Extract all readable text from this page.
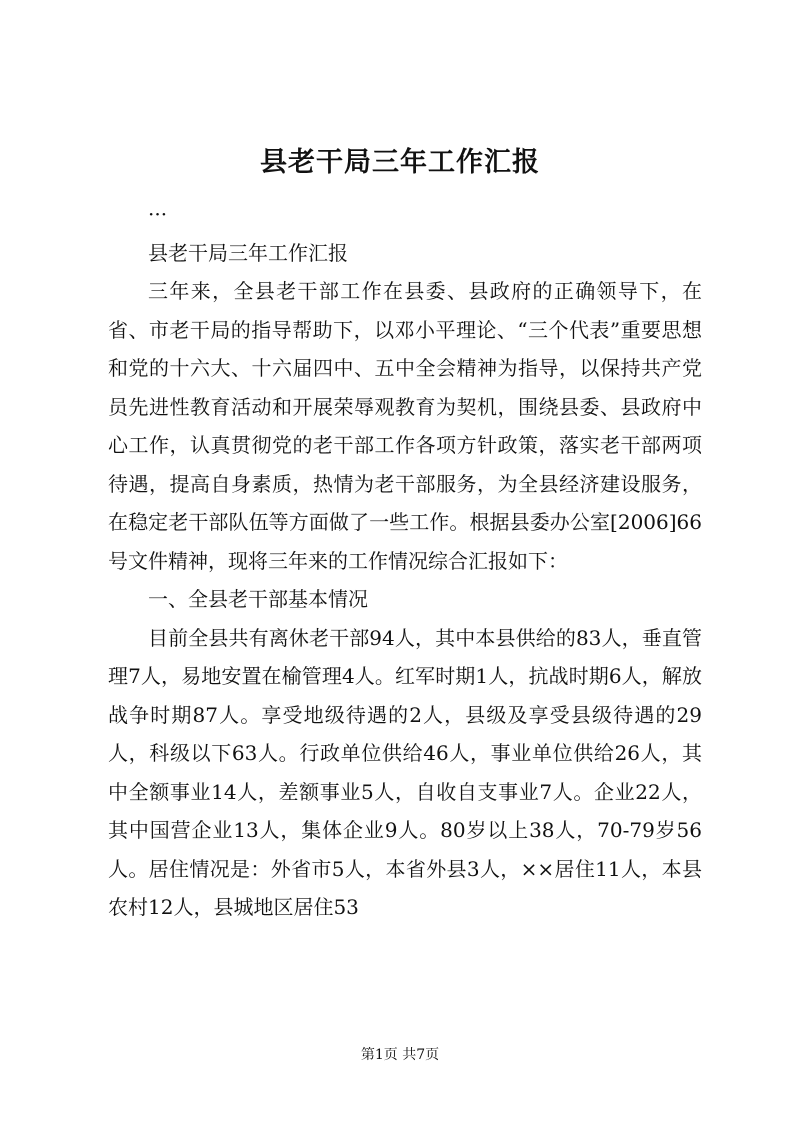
县老干局三年工作汇报

···

县老干局三年工作汇报

三年来，全县老干部工作在县委、县政府的正确领导下，在省、市老干局的指导帮助下，以邓小平理论、“三个代表”重要思想和党的十六大、十六届四中、五中全会精神为指导，以保持共产党员先进性教育活动和开展荣辱观教育为契机，围绕县委、县政府中心工作，认真贯彻党的老干部工作各项方针政策，落实老干部两项待遇，提高自身素质，热情为老干部服务，为全县经济建设服务，在稳定老干部队伍等方面做了一些工作。根据县委办公室[2006]66号文件精神，现将三年来的工作情况综合汇报如下：

一、全县老干部基本情况

目前全县共有离休老干部94人，其中本县供给的83人，垂直管理7人，易地安置在榆管理4人。红军时期1人，抗战时期6人，解放战争时期87人。享受地级待遇的2人，县级及享受县级待遇的29人，科级以下63人。行政单位供给46人，事业单位供给26人，其中全额事业14人，差额事业5人，自收自支事业7人。企业22人，其中国营企业13人，集体企业9人。80岁以上38人，70-79岁56人。居住情况是：外省市5人，本省外县3人，××居住11人，本县农村12人，县城地区居住53

第1页 共7页
